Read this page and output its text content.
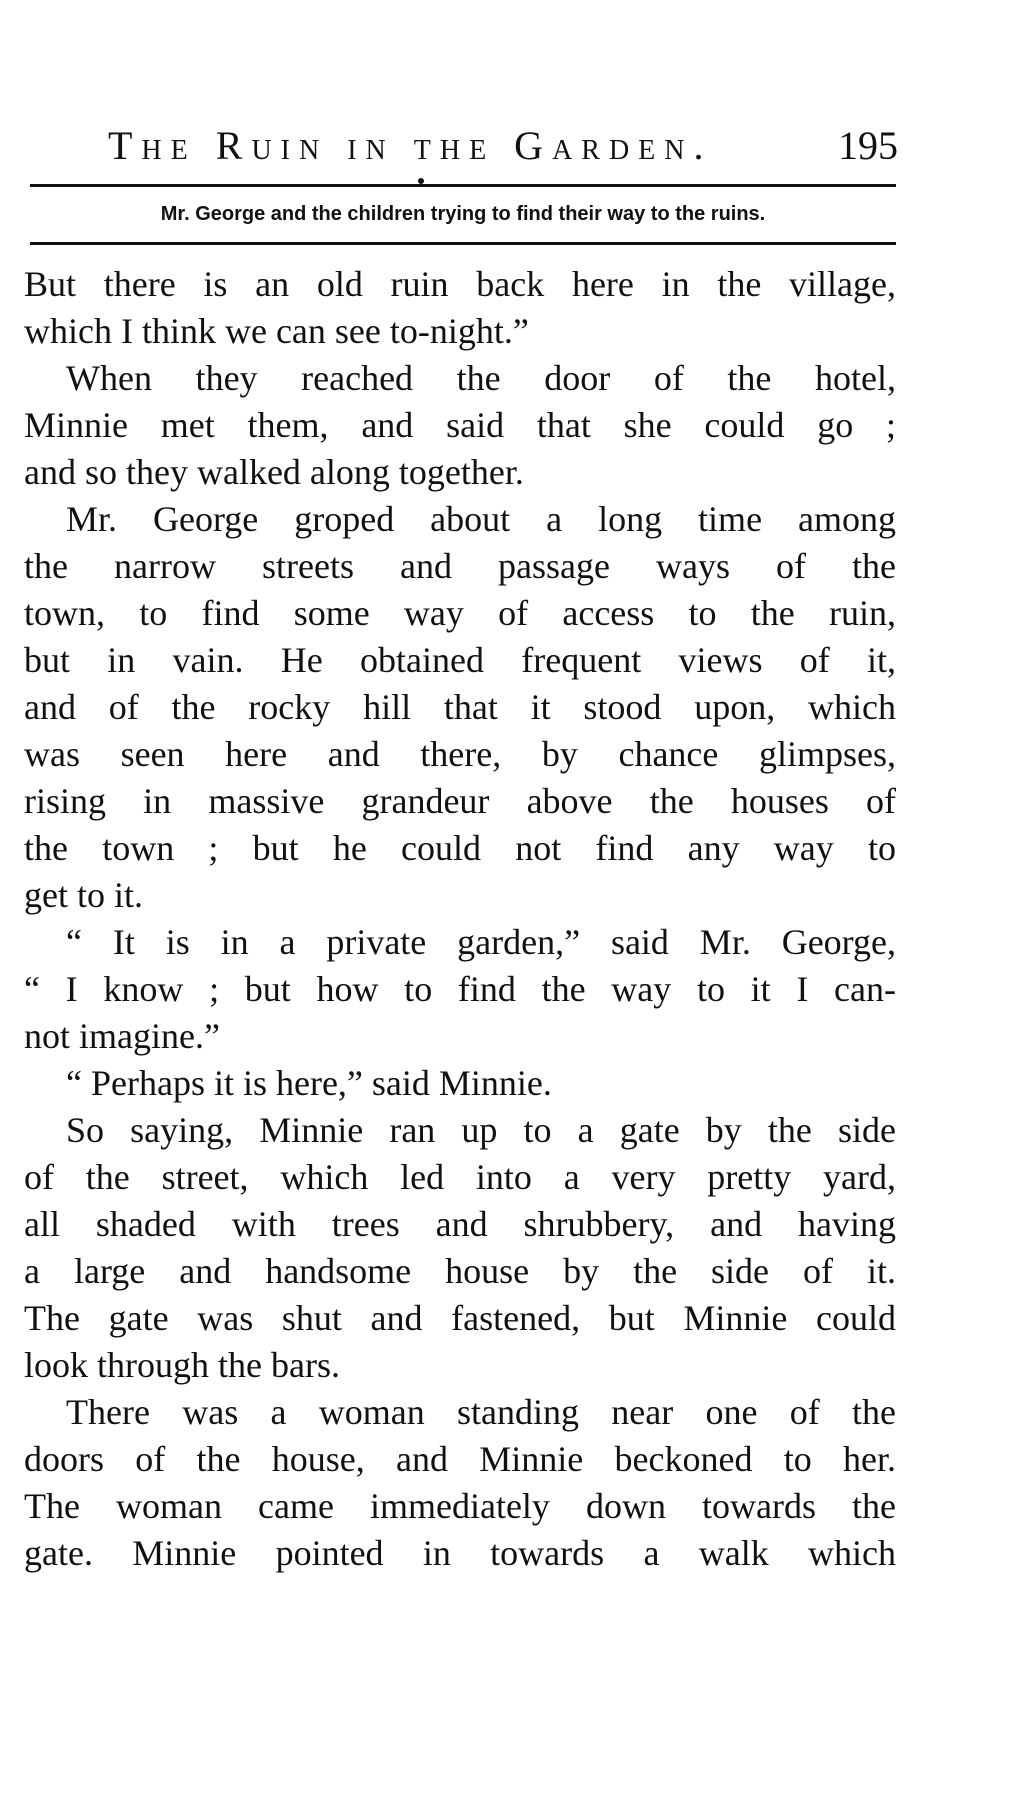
The Ruin in the Garden.	195
Mr. George and the children trying to find their way to the ruins.
But there is an old ruin back here in the village,
which I think we can see to-night.”
When they reached the door of the hotel,
Minnie met them, and said that she could go ;
and so they walked along together.
Mr. George groped about a long time among
the narrow streets and passage ways of the
town, to find some way of access to the ruin,
but in vain. He obtained frequent views of it,
and of the rocky hill that it stood upon, which
was seen here and there, by chance glimpses,
rising in massive grandeur above the houses of
the town ; but he could not find any way to
get to it.
“ It is in a private garden,” said Mr. George,
“ I know ; but how to find the way to it I can-
not imagine.”
“ Perhaps it is here,” said Minnie.
So saying, Minnie ran up to a gate by the side
of the street, which led into a very pretty yard,
all shaded with trees and shrubbery, and having
a large and handsome house by the side of it.
The gate was shut and fastened, but Minnie could
look through the bars.
There was a woman standing near one of the
doors of the house, and Minnie beckoned to her.
The woman came immediately down towards the
gate. Minnie pointed in towards a walk which
